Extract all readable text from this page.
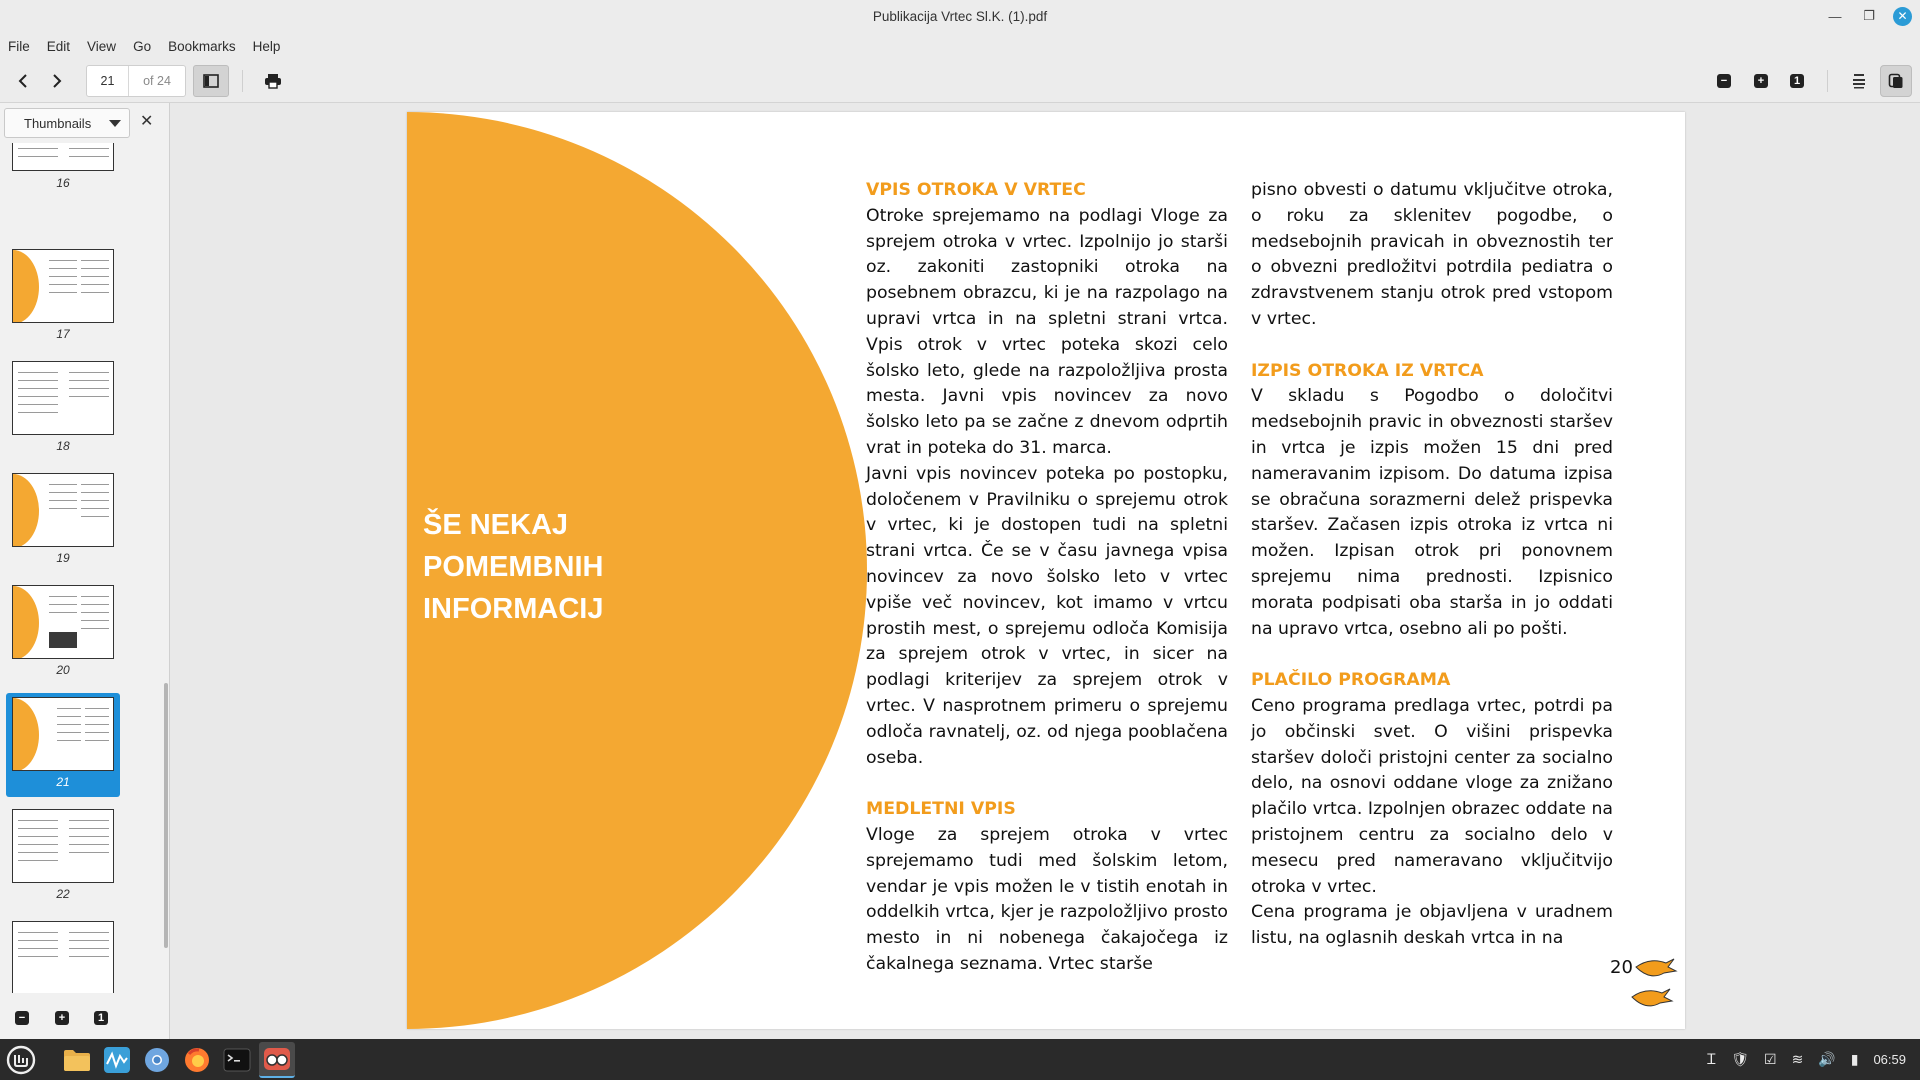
Publikacija Vrtec Sl.K. (1).pdf	—	❐	✕
File Edit View Go Bookmarks Help
21	of 24	−	+	1
Thumbnails	✕
16
17
18
19
20
21
22
−	+	1
ŠE NEKAJ
POMEMBNIH
INFORMACIJ
VPIS OTROKA V VRTEC

Otroke sprejemamo na podlagi Vloge za sprejem otroka v vrtec. Izpolnijo jo starši oz. zakoniti zastopniki otroka na posebnem obrazcu, ki je na razpolago na upravi vrtca in na spletni strani vrtca. Vpis otrok v vrtec poteka skozi celo šolsko leto, glede na razpoložljiva prosta mesta. Javni vpis novincev za novo šolsko leto pa se začne z dnevom odprtih vrat in poteka do 31. marca.

Javni vpis novincev poteka po postopku, določenem v Pravilniku o sprejemu otrok v vrtec, ki je dostopen tudi na spletni strani vrtca. Če se v času javnega vpisa novincev za novo šolsko leto v vrtec vpiše več novincev, kot imamo v vrtcu prostih mest, o sprejemu odloča Komisija za sprejem otrok v vrtec, in sicer na podlagi kriterijev za sprejem otrok v vrtec. V nasprotnem primeru o sprejemu odloča ravnatelj, oz. od njega pooblačena oseba.

MEDLETNI VPIS

Vloge za sprejem otroka v vrtec sprejemamo tudi med šolskim letom, vendar je vpis možen le v tistih enotah in oddelkih vrtca, kjer je razpoložljivo prosto mesto in ni nobenega čakajočega iz čakalnega seznama. Vrtec starše

pisno obvesti o datumu vključitve otroka, o roku za sklenitev pogodbe, o medsebojnih pravicah in obveznostih ter o obvezni predložitvi potrdila pediatra o zdravstvenem stanju otrok pred vstopom v vrtec.

IZPIS OTROKA IZ VRTCA

V skladu s Pogodbo o določitvi medsebojnih pravic in obveznosti staršev in vrtca je izpis možen 15 dni pred nameravanim izpisom. Do datuma izpisa se obračuna sorazmerni delež prispevka staršev. Začasen izpis otroka iz vrtca ni možen. Izpisan otrok pri ponovnem sprejemu nima prednosti. Izpisnico morata podpisati oba starša in jo oddati na upravo vrtca, osebno ali po pošti.

PLAČILO PROGRAMA

Ceno programa predlaga vrtec, potrdi pa jo občinski svet. O višini prispevka staršev določi pristojni center za socialno delo, na osnovi oddane vloge za znižano plačilo vrtca. Izpolnjen obrazec oddate na pristojnem centru za socialno delo v mesecu pred nameravano vključitvijo otroka v vrtec.

Cena programa je objavljena v uradnem listu, na oglasnih deskah vrtca in na

20
Ꮖ 🛡 ☑ ≋ 🔊 ▮ 06:59
